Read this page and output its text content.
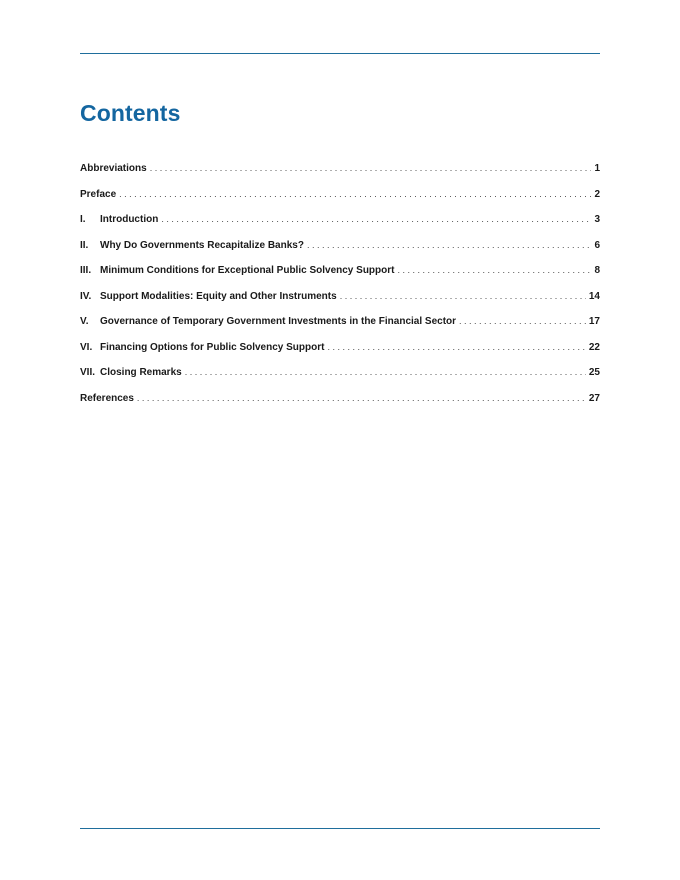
Contents
Abbreviations . . .	1
Preface . . .	2
I.	Introduction . . .	3
II.	Why Do Governments Recapitalize Banks? . . .	6
III. Minimum Conditions for Exceptional Public Solvency Support . . .	8
IV. Support Modalities: Equity and Other Instruments . . .	14
V.	Governance of Temporary Government Investments in the Financial Sector . . .	17
VI. Financing Options for Public Solvency Support . . .	22
VII. Closing Remarks . . .	25
References . . .	27
